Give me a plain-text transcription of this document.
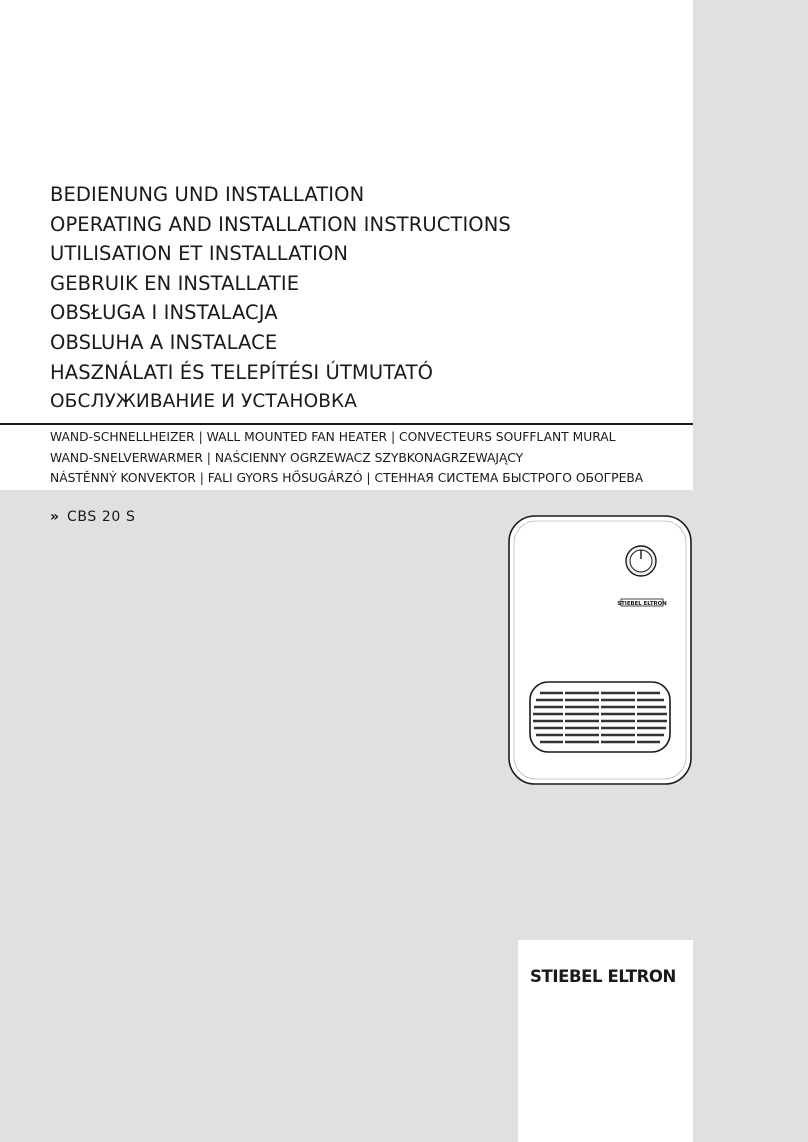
BEDIENUNG UND INSTALLATION
OPERATING AND INSTALLATION INSTRUCTIONS
UTILISATION ET INSTALLATION
GEBRUIK EN INSTALLATIE
OBSŁUGA I INSTALACJA
OBSLUHA A INSTALACE
HASZNÁLATI ÉS TELEPÍTÉSI ÚTMUTATÓ
ОБСЛУЖИВАНИЕ И УСТАНОВКА
WAND-SCHNELLHEIZER | WALL MOUNTED FAN HEATER | CONVECTEURS SOUFFLANT MURAL
WAND-SNELVERWARMER | NAŚCIENNY OGRZEWACZ SZYBKONAGRZEWAJĄCY
NÁSTĚNNÝ KONVEKTOR | FALI GYORS HŐSUGÁRZÓ | СТЕННАЯ СИСТЕМА БЫСТРОГО ОБОГРЕВА
» CBS 20 S
STIEBEL ELTRON
STIEBEL ELTRON
